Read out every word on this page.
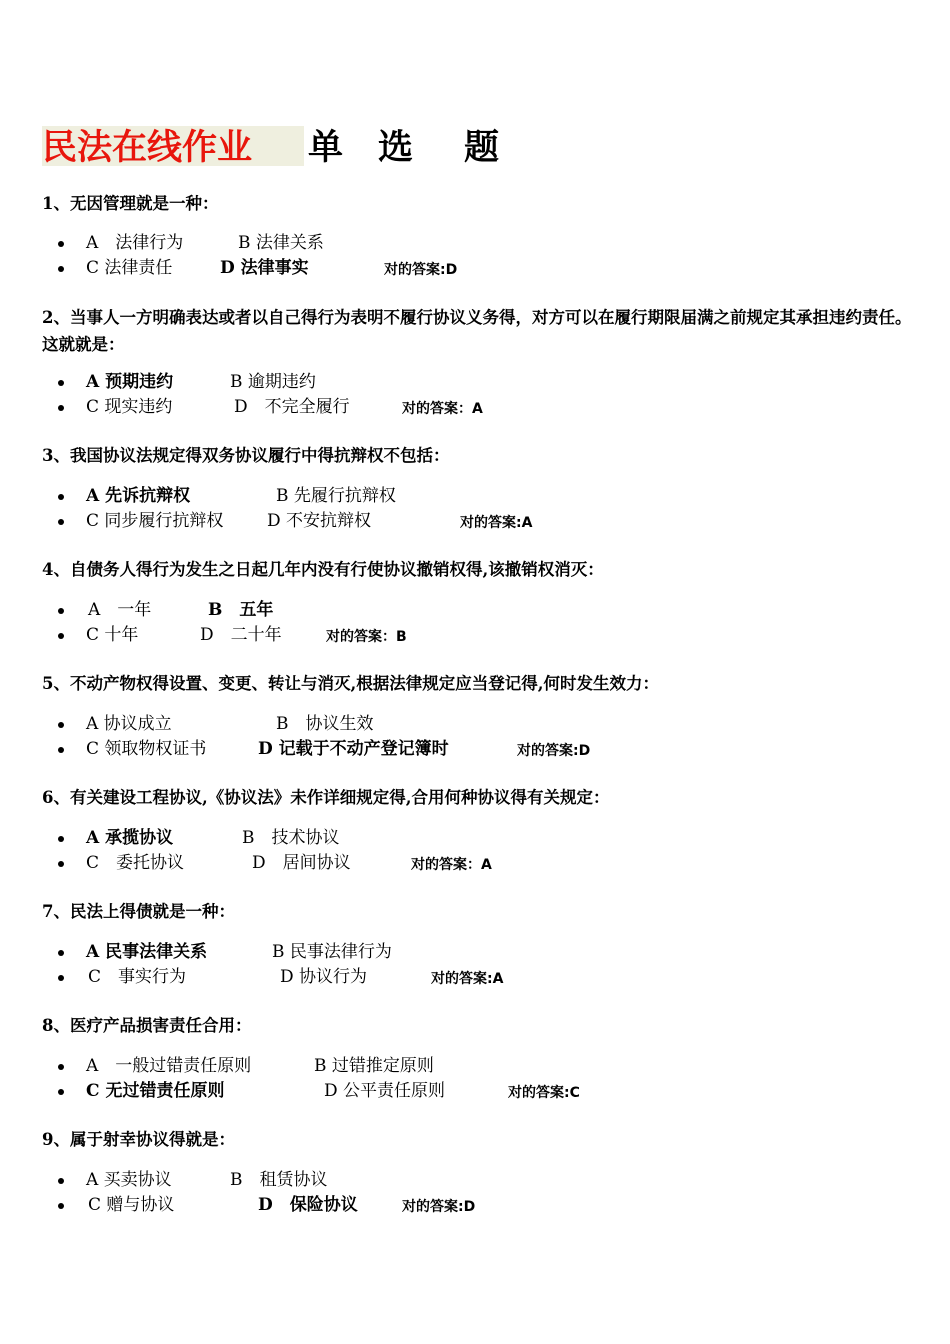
民法在线作业	单 选 题
1、无因管理就是一种：
A　法律行为	B 法律关系
C 法律责任	D 法律事实	对的答案:D
2、当事人一方明确表达或者以自己得行为表明不履行协议义务得，对方可以在履行期限届满之前规定其承担违约责任。这就就是：
A 预期违约	B 逾期违约
C 现实违约	D　不完全履行	对的答案：A
3、我国协议法规定得双务协议履行中得抗辩权不包括：
A 先诉抗辩权	B 先履行抗辩权
C 同步履行抗辩权	D 不安抗辩权	对的答案:A
4、自债务人得行为发生之日起几年内没有行使协议撤销权得,该撤销权消灭：
A　一年	B　五年
C 十年	D　二十年	对的答案：B
5、不动产物权得设置、变更、转让与消灭,根据法律规定应当登记得,何时发生效力：
A 协议成立	B　协议生效
C 领取物权证书	D 记载于不动产登记簿时	对的答案:D
6、有关建设工程协议,《协议法》未作详细规定得,合用何种协议得有关规定：
A 承揽协议	B　技术协议
C　委托协议	D　居间协议	对的答案：A
7、民法上得债就是一种：
A 民事法律关系	B 民事法律行为
C　事实行为	D 协议行为	对的答案:A
8、医疗产品损害责任合用：
A　一般过错责任原则	B 过错推定原则
C 无过错责任原则	D 公平责任原则	对的答案:C
9、属于射幸协议得就是：
A 买卖协议	B　租赁协议
C 赠与协议	D　保险协议	对的答案:D
